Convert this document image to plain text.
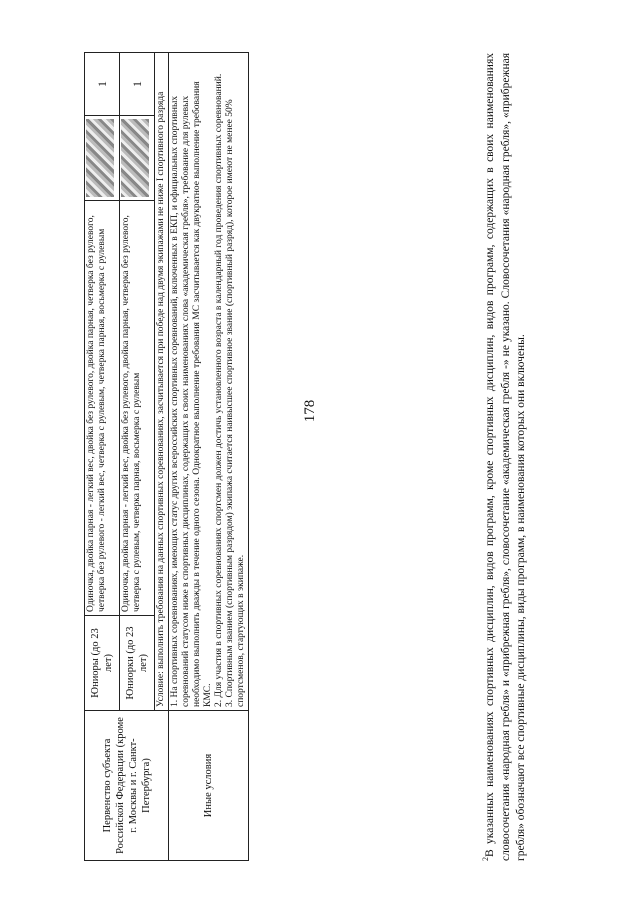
178
Первенство субъекта Российской Федерации (кроме г. Москвы и г. Санкт-Петербурга)	Юниоры (до 23 лет)	Одиночка, двойка парная - легкий вес, двойка без рулевого, двойка парная, четверка без рулевого, четверка без рулевого - легкий вес, четверка с рулевым, четверка парная, восьмерка с рулевым		1
	Юниорки (до 23 лет)	Одиночка, двойка парная - легкий вес, двойка без рулевого, двойка парная, четверка без рулевого, четверка с рулевым, четверка парная, восьмерка с рулевым		1
	Условие: выполнить требования на данных спортивных соревнованиях, засчитывается при победе над двумя экипажами не ниже I спортивного разряда			
Иные условия	1. На спортивных соревнованиях, имеющих статус других всероссийских спортивных соревнований, включенных в ЕКП, и официальных спортивных соревнований статусом ниже в спортивных дисциплинах, содержащих в своих наименованиях слова «академическая гребля», требование для рулевых необходимо выполнить дважды в течение одного сезона. Однократное выполнение требования МС засчитывается как двукратное выполнение требования КМС. 2. Для участия в спортивных соревнованиях спортсмен должен достичь установленного возраста в календарный год проведения спортивных соревнований. 3. Спортивным званием (спортивным разрядом) экипажа считается наивысшее спортивное звание (спортивный разряд), которое имеют не менее 50% спортсменов, стартующих в экипаже.			
$^2$В указанных наименованиях спортивных дисциплин, видов программ, кроме спортивных дисциплин, видов программ, содержащих в своих наименованиях словосочетания «народная гребля» и «прибрежная гребля», словосочетание «академическая гребля -» не указано. Словосочетания «народная гребля», «прибрежная гребля» обозначают все спортивные дисциплины, виды программ, в наименования которых они включены.
